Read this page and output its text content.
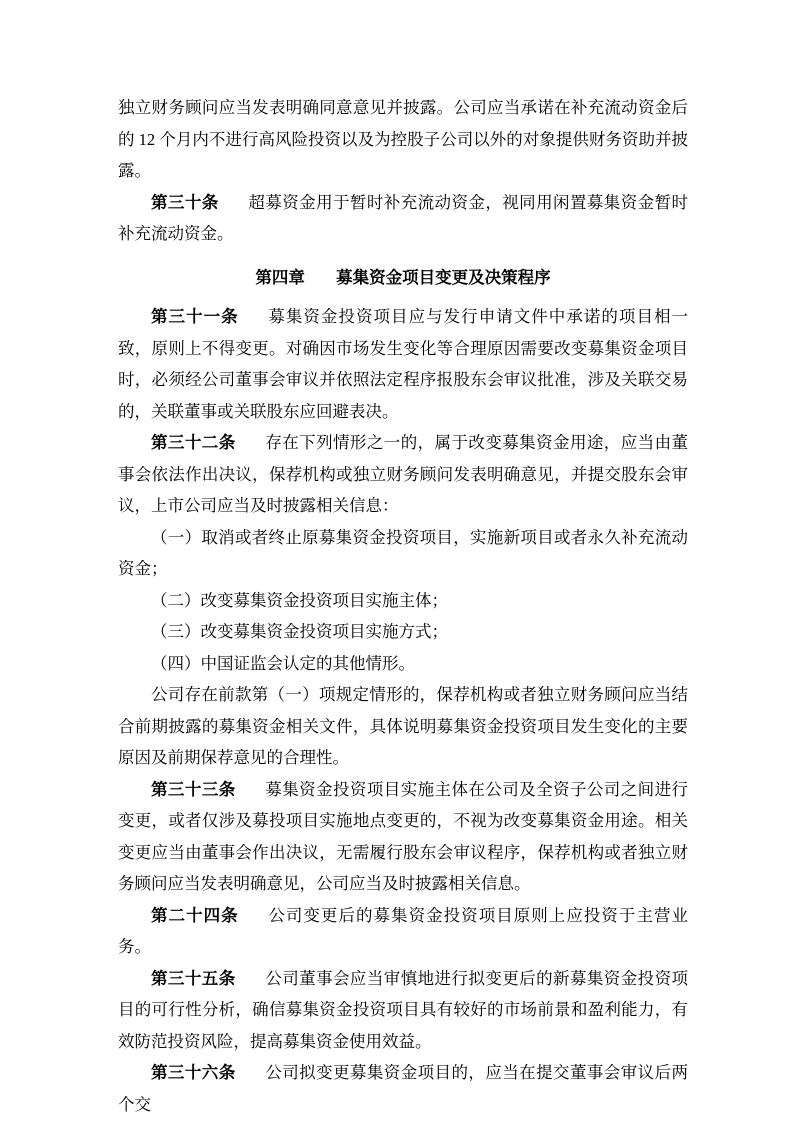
独立财务顾问应当发表明确同意意见并披露。公司应当承诺在补充流动资金后的 12 个月内不进行高风险投资以及为控股子公司以外的对象提供财务资助并披露。

第三十条 超募资金用于暂时补充流动资金，视同用闲置募集资金暂时补充流动资金。

第四章 募集资金项目变更及决策程序

第三十一条 募集资金投资项目应与发行申请文件中承诺的项目相一致，原则上不得变更。对确因市场发生变化等合理原因需要改变募集资金项目时，必须经公司董事会审议并依照法定程序报股东会审议批准，涉及关联交易的，关联董事或关联股东应回避表决。

第三十二条 存在下列情形之一的，属于改变募集资金用途，应当由董事会依法作出决议，保荐机构或独立财务顾问发表明确意见，并提交股东会审议，上市公司应当及时披露相关信息：

（一）取消或者终止原募集资金投资项目，实施新项目或者永久补充流动资金；

（二）改变募集资金投资项目实施主体；

（三）改变募集资金投资项目实施方式；

（四）中国证监会认定的其他情形。

公司存在前款第（一）项规定情形的，保荐机构或者独立财务顾问应当结合前期披露的募集资金相关文件，具体说明募集资金投资项目发生变化的主要原因及前期保荐意见的合理性。

第三十三条 募集资金投资项目实施主体在公司及全资子公司之间进行变更，或者仅涉及募投项目实施地点变更的，不视为改变募集资金用途。相关变更应当由董事会作出决议，无需履行股东会审议程序，保荐机构或者独立财务顾问应当发表明确意见，公司应当及时披露相关信息。

第二十四条 公司变更后的募集资金投资项目原则上应投资于主营业务。

第三十五条 公司董事会应当审慎地进行拟变更后的新募集资金投资项目的可行性分析，确信募集资金投资项目具有较好的市场前景和盈利能力，有效防范投资风险，提高募集资金使用效益。

第三十六条 公司拟变更募集资金项目的，应当在提交董事会审议后两个交
